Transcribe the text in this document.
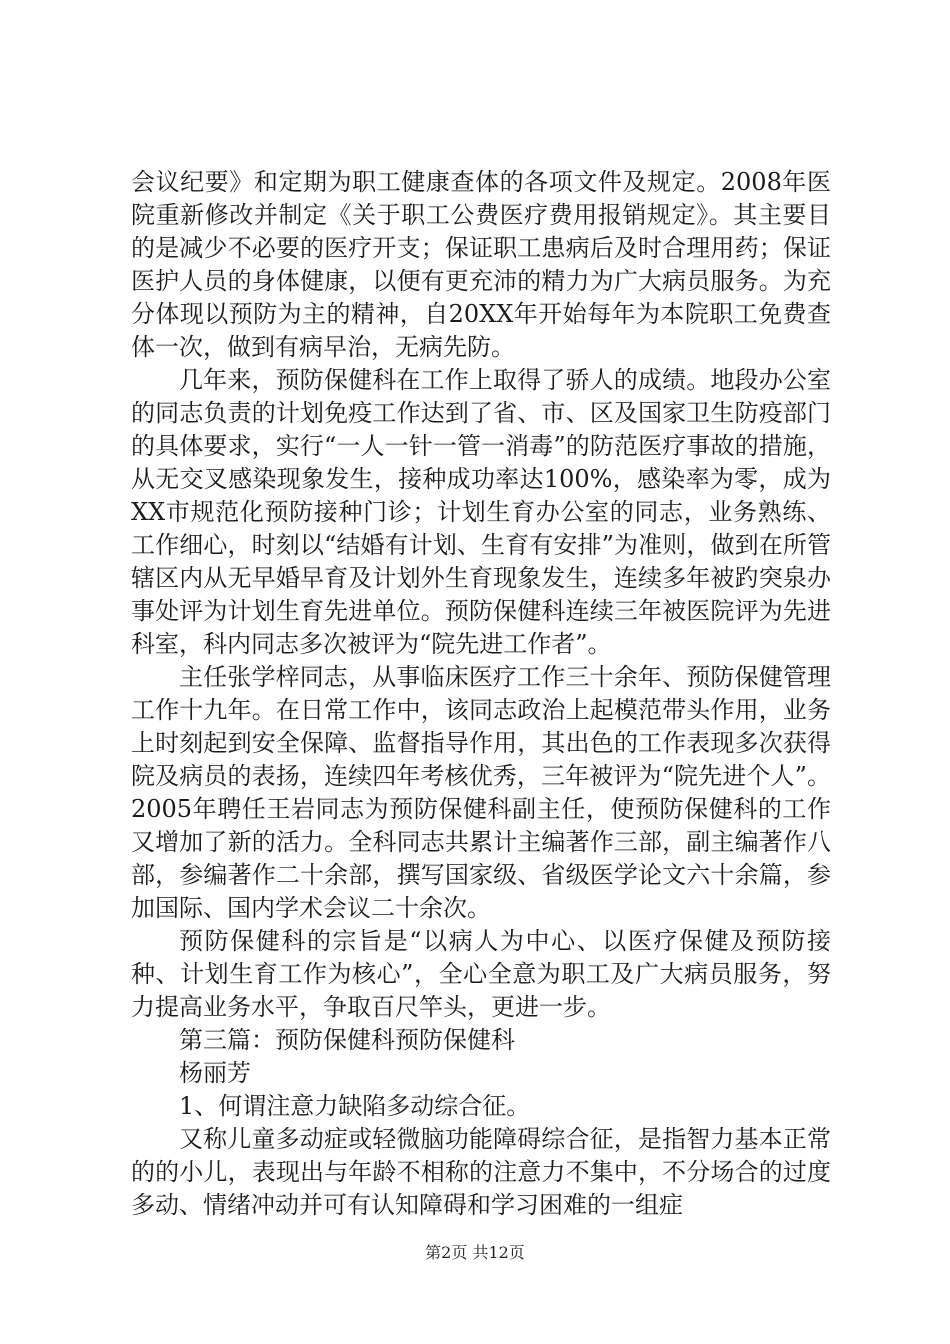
会议纪要》和定期为职工健康查体的各项文件及规定。2008年医院重新修改并制定《关于职工公费医疗费用报销规定》。其主要目的是减少不必要的医疗开支；保证职工患病后及时合理用药；保证医护人员的身体健康，以便有更充沛的精力为广大病员服务。为充分体现以预防为主的精神，自20XX年开始每年为本院职工免费查体一次，做到有病早治，无病先防。

几年来，预防保健科在工作上取得了骄人的成绩。地段办公室的同志负责的计划免疫工作达到了省、市、区及国家卫生防疫部门的具体要求，实行“一人一针一管一消毒”的防范医疗事故的措施，从无交叉感染现象发生，接种成功率达100%，感染率为零，成为XX市规范化预防接种门诊；计划生育办公室的同志，业务熟练、工作细心，时刻以“结婚有计划、生育有安排”为准则，做到在所管辖区内从无早婚早育及计划外生育现象发生，连续多年被趵突泉办事处评为计划生育先进单位。预防保健科连续三年被医院评为先进科室，科内同志多次被评为“院先进工作者”。

主任张学梓同志，从事临床医疗工作三十余年、预防保健管理工作十九年。在日常工作中，该同志政治上起模范带头作用，业务上时刻起到安全保障、监督指导作用，其出色的工作表现多次获得院及病员的表扬，连续四年考核优秀，三年被评为“院先进个人”。2005年聘任王岩同志为预防保健科副主任，使预防保健科的工作又增加了新的活力。全科同志共累计主编著作三部，副主编著作八部，参编著作二十余部，撰写国家级、省级医学论文六十余篇，参加国际、国内学术会议二十余次。

预防保健科的宗旨是“以病人为中心、以医疗保健及预防接种、计划生育工作为核心”，全心全意为职工及广大病员服务，努力提高业务水平，争取百尺竿头，更进一步。

第三篇：预防保健科预防保健科

杨丽芳

1、何谓注意力缺陷多动综合征。

又称儿童多动症或轻微脑功能障碍综合征，是指智力基本正常的的小儿，表现出与年龄不相称的注意力不集中，不分场合的过度多动、情绪冲动并可有认知障碍和学习困难的一组症

第2页 共12页
